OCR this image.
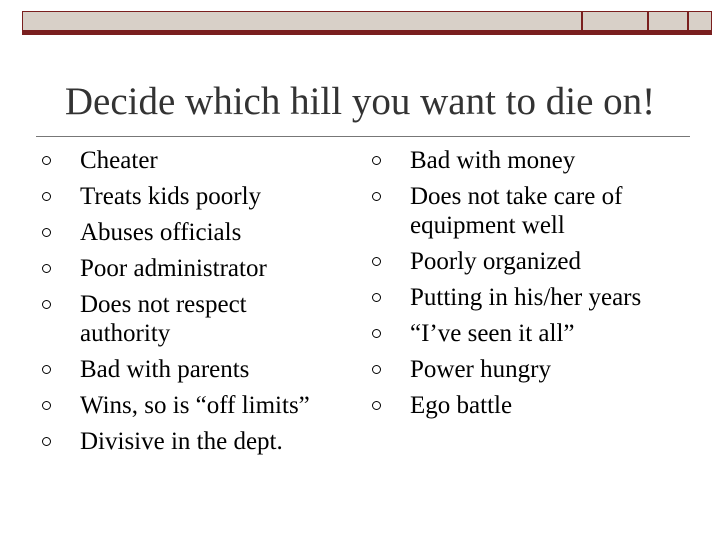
Decide which hill you want to die on!
Cheater
Treats kids poorly
Abuses officials
Poor administrator
Does not respect authority
Bad with parents
Wins, so is “off limits”
Divisive in the dept.
Bad with money
Does not take care of equipment well
Poorly organized
Putting in his/her years
“I’ve seen it all”
Power hungry
Ego battle
